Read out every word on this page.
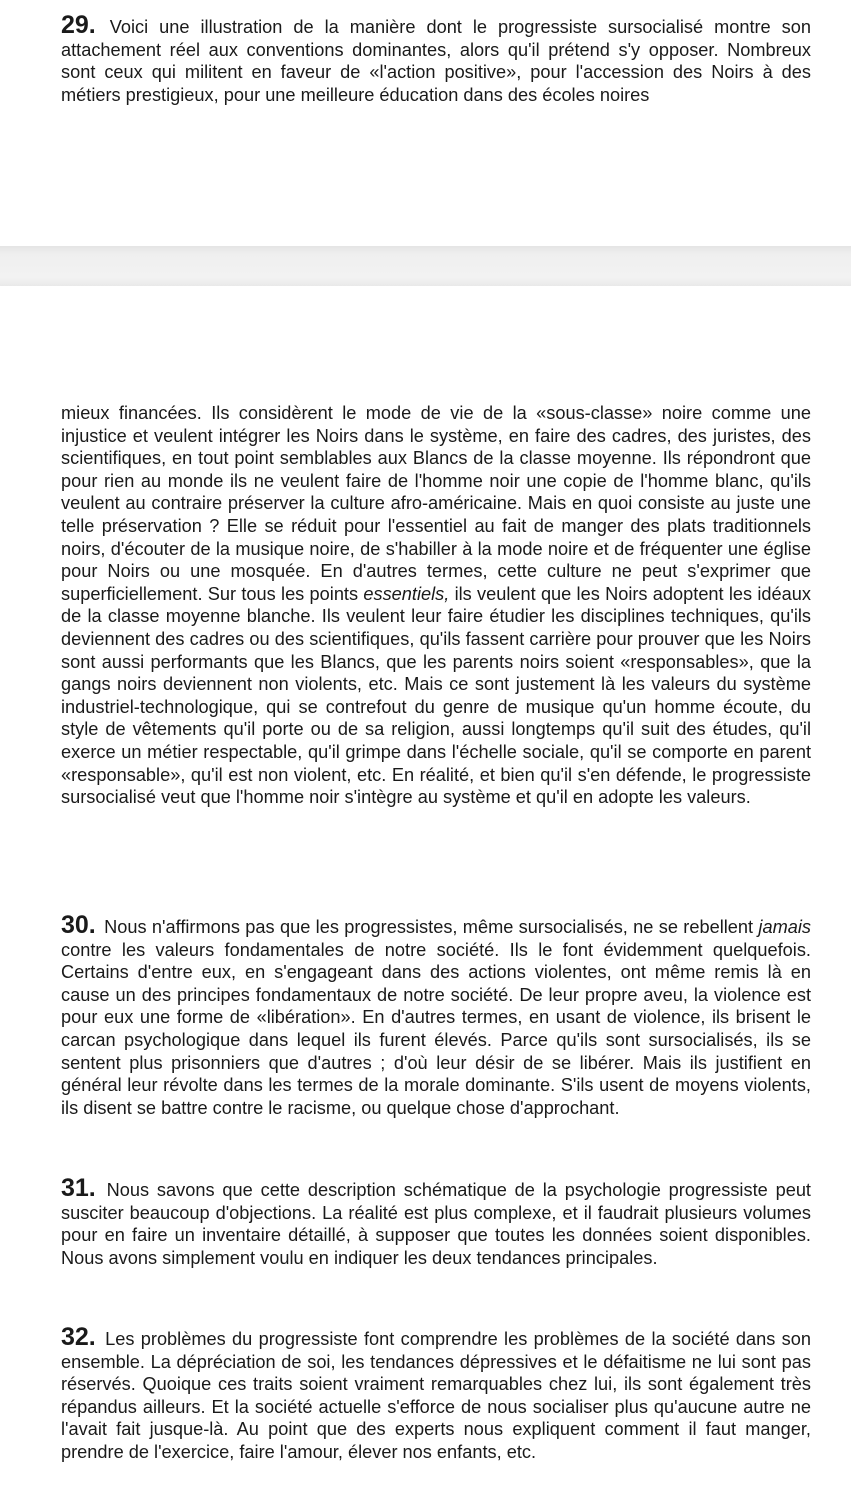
29. Voici une illustration de la manière dont le progressiste sursocialisé montre son attachement réel aux conventions dominantes, alors qu'il prétend s'y opposer. Nombreux sont ceux qui militent en faveur de «l'action positive», pour l'accession des Noirs à des métiers prestigieux, pour une meilleure éducation dans des écoles noires

mieux financées. Ils considèrent le mode de vie de la «sous-classe» noire comme une injustice et veulent intégrer les Noirs dans le système, en faire des cadres, des juristes, des scientifiques, en tout point semblables aux Blancs de la classe moyenne. Ils répondront que pour rien au monde ils ne veulent faire de l'homme noir une copie de l'homme blanc, qu'ils veulent au contraire préserver la culture afro-américaine. Mais en quoi consiste au juste une telle préservation ? Elle se réduit pour l'essentiel au fait de manger des plats traditionnels noirs, d'écouter de la musique noire, de s'habiller à la mode noire et de fréquenter une église pour Noirs ou une mosquée. En d'autres termes, cette culture ne peut s'exprimer que superficiellement. Sur tous les points essentiels, ils veulent que les Noirs adoptent les idéaux de la classe moyenne blanche. Ils veulent leur faire étudier les disciplines techniques, qu'ils deviennent des cadres ou des scientifiques, qu'ils fassent carrière pour prouver que les Noirs sont aussi performants que les Blancs, que les parents noirs soient «responsables», que la gangs noirs deviennent non violents, etc. Mais ce sont justement là les valeurs du système industriel-technologique, qui se contrefout du genre de musique qu'un homme écoute, du style de vêtements qu'il porte ou de sa religion, aussi longtemps qu'il suit des études, qu'il exerce un métier respectable, qu'il grimpe dans l'échelle sociale, qu'il se comporte en parent «responsable», qu'il est non violent, etc. En réalité, et bien qu'il s'en défende, le progressiste sursocialisé veut que l'homme noir s'intègre au système et qu'il en adopte les valeurs.

30. Nous n'affirmons pas que les progressistes, même sursocialisés, ne se rebellent jamais contre les valeurs fondamentales de notre société. Ils le font évidemment quelquefois. Certains d'entre eux, en s'engageant dans des actions violentes, ont même remis là en cause un des principes fondamentaux de notre société. De leur propre aveu, la violence est pour eux une forme de «libération». En d'autres termes, en usant de violence, ils brisent le carcan psychologique dans lequel ils furent élevés. Parce qu'ils sont sursocialisés, ils se sentent plus prisonniers que d'autres ; d'où leur désir de se libérer. Mais ils justifient en général leur révolte dans les termes de la morale dominante. S'ils usent de moyens violents, ils disent se battre contre le racisme, ou quelque chose d'approchant.

31. Nous savons que cette description schématique de la psychologie progressiste peut susciter beaucoup d'objections. La réalité est plus complexe, et il faudrait plusieurs volumes pour en faire un inventaire détaillé, à supposer que toutes les données soient disponibles. Nous avons simplement voulu en indiquer les deux tendances principales.

32. Les problèmes du progressiste font comprendre les problèmes de la société dans son ensemble. La dépréciation de soi, les tendances dépressives et le défaitisme ne lui sont pas réservés. Quoique ces traits soient vraiment remarquables chez lui, ils sont également très répandus ailleurs. Et la société actuelle s'efforce de nous socialiser plus qu'aucune autre ne l'avait fait jusque-là. Au point que des experts nous expliquent comment il faut manger, prendre de l'exercice, faire l'amour, élever nos enfants, etc.
